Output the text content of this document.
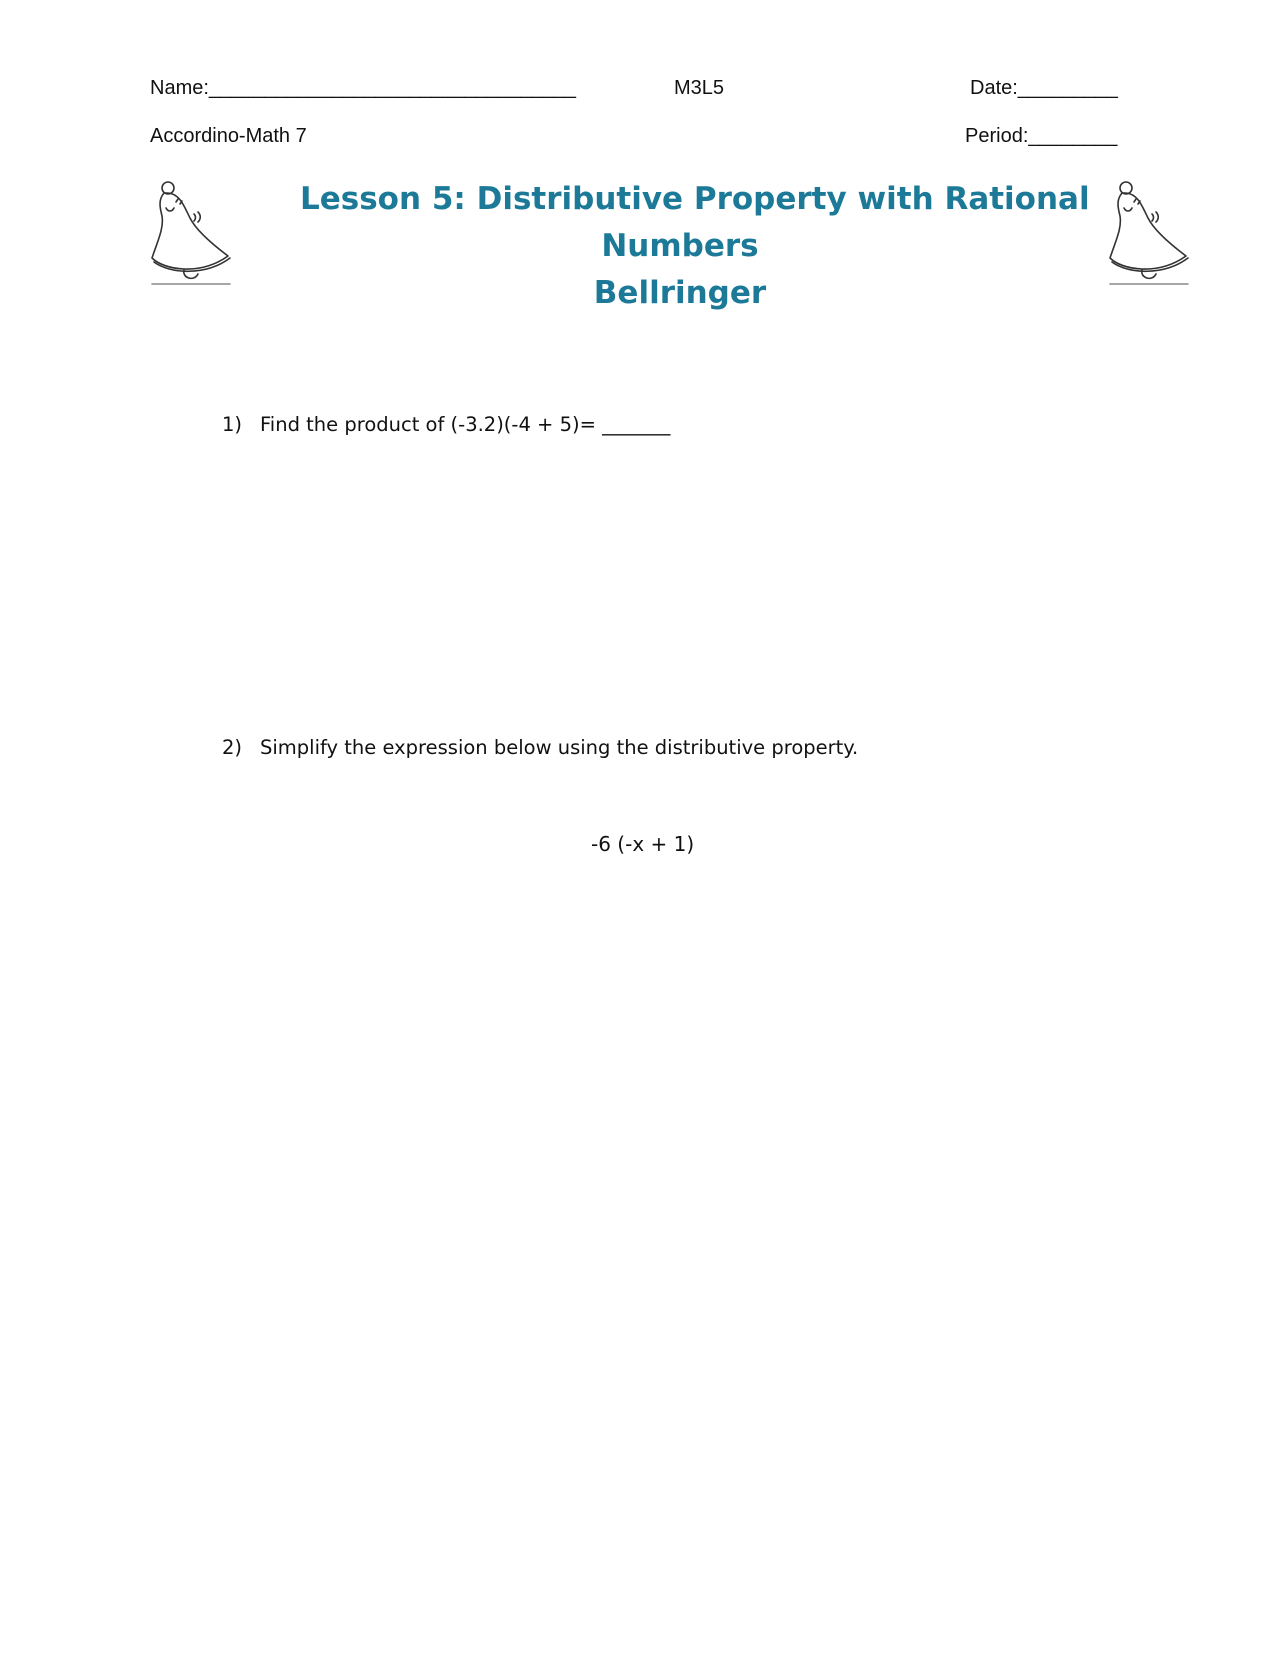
Name:_________________________________	M3L5	Date:_________
Accordino-Math 7	Period:________
Lesson 5: Distributive Property with Rational
Numbers
Bellringer
1) Find the product of (-3.2)(-4 + 5)= _______
2) Simplify the expression below using the distributive property.
-6 (-x + 1)
